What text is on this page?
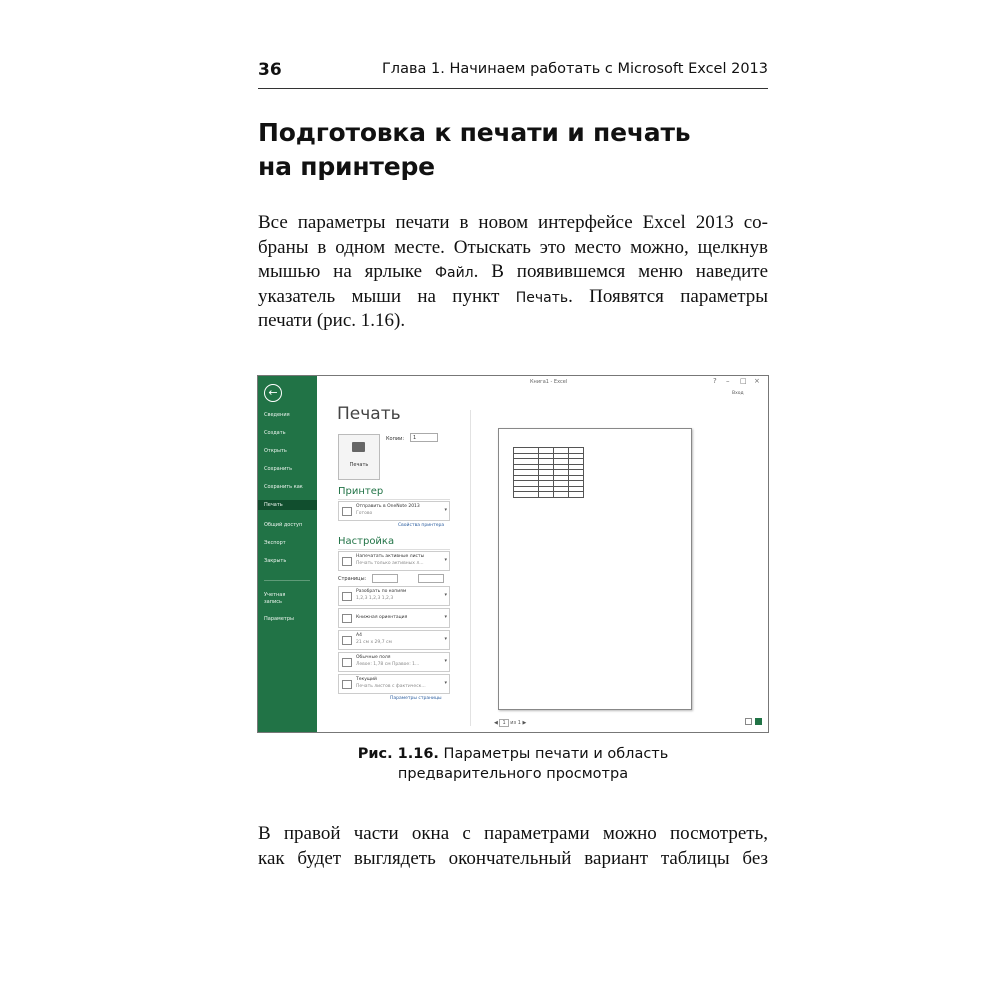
36	Глава 1. Начинаем работать с Microsoft Excel 2013
Подготовка к печати и печать
на принтере
Все параметры печати в новом интерфейсе Excel 2013 со-
браны в одном месте. Отыскать это место можно, щелкнув
мышью на ярлыке Файл. В появившемся меню наведите
указатель мыши на пункт Печать. Появятся параметры
печати (рис. 1.16).
←
Сведения
Создать
Открыть
Сохранить
Сохранить как
Печать
Общий доступ
Экспорт
Закрыть
Учетная запись
Параметры
Печать
Печать
Копии:	1
Принтер
Отправить в OneNote 2013
Готово
▾
Свойства принтера
Настройка
Напечатать активные листы
Печать только активных л...
▾
Страницы:
Разобрать по копиям
1,2,3 1,2,3 1,2,3
▾
Книжная ориентация	▾
А4
21 см x 29,7 см
▾
Обычные поля
Левое: 1,78 см Правое: 1...
▾
Текущий
Печать листов с фактическ...
▾
Параметры страницы
Книга1 - Excel	? – □ ×
Вход

◀ 1 из 1 ▶
Рис. 1.16. Параметры печати и область
предварительного просмотра
В правой части окна с параметрами можно посмотреть,
как будет выглядеть окончательный вариант таблицы без
